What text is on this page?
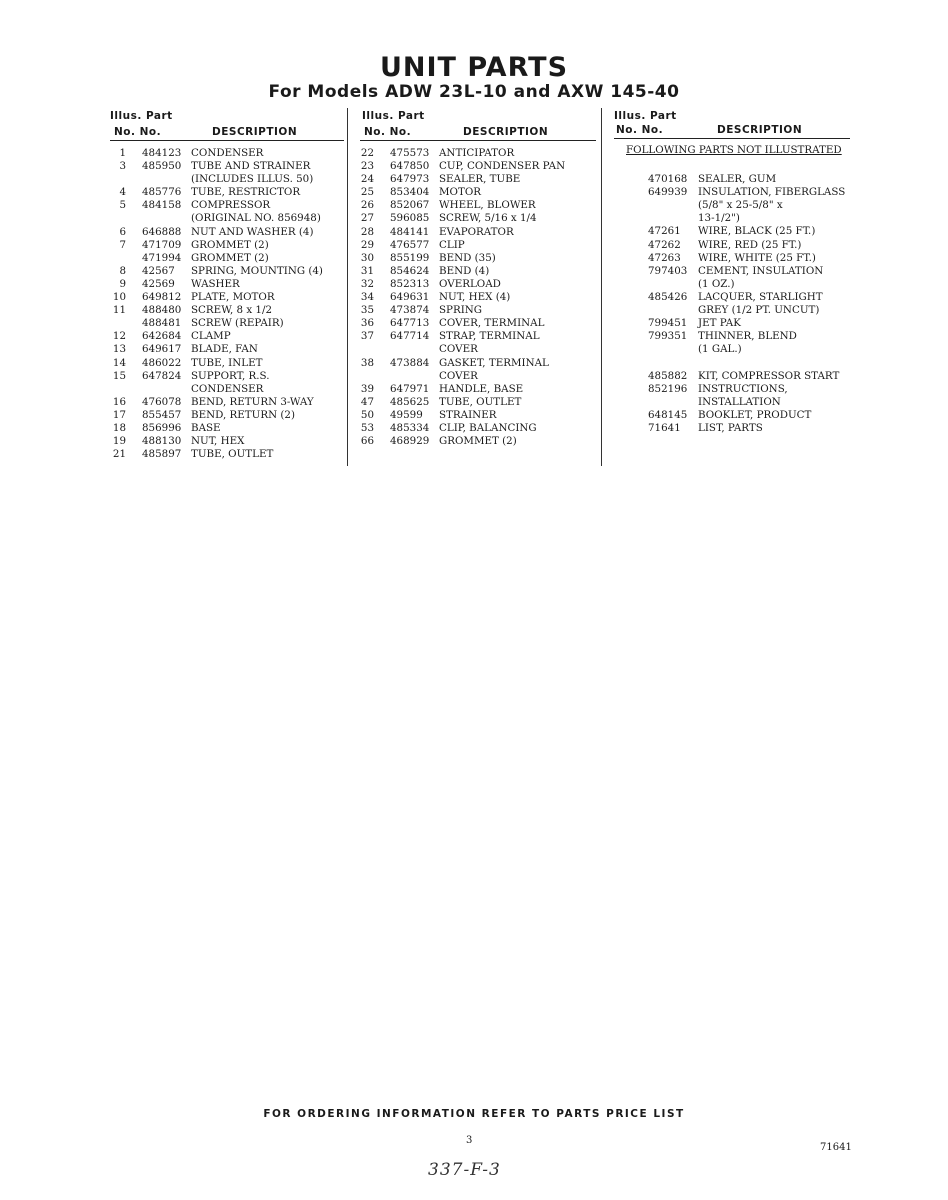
UNIT PARTS
For Models ADW 23L-10 and AXW 145-40
Illus. Part
No. No.	DESCRIPTION
1 484123 CONDENSER
3 485950 TUBE AND STRAINER
(INCLUDES ILLUS. 50)
4 485776 TUBE, RESTRICTOR
5 484158 COMPRESSOR
(ORIGINAL NO. 856948)
6 646888 NUT AND WASHER (4)
7 471709 GROMMET (2)
471994 GROMMET (2)
8 42567 SPRING, MOUNTING (4)
9 42569 WASHER
10 649812 PLATE, MOTOR
11 488480 SCREW, 8 x 1/2
488481 SCREW (REPAIR)
12 642684 CLAMP
13 649617 BLADE, FAN
14 486022 TUBE, INLET
15 647824 SUPPORT, R.S.
CONDENSER
16 476078 BEND, RETURN 3-WAY
17 855457 BEND, RETURN (2)
18 856996 BASE
19 488130 NUT, HEX
21 485897 TUBE, OUTLET
Illus. Part
No. No.	DESCRIPTION
22 475573 ANTICIPATOR
23 647850 CUP, CONDENSER PAN
24 647973 SEALER, TUBE
25 853404 MOTOR
26 852067 WHEEL, BLOWER
27 596085 SCREW, 5/16 x 1/4
28 484141 EVAPORATOR
29 476577 CLIP
30 855199 BEND (35)
31 854624 BEND (4)
32 852313 OVERLOAD
34 649631 NUT, HEX (4)
35 473874 SPRING
36 647713 COVER, TERMINAL
37 647714 STRAP, TERMINAL
COVER
38 473884 GASKET, TERMINAL
COVER
39 647971 HANDLE, BASE
47 485625 TUBE, OUTLET
50 49599 STRAINER
53 485334 CLIP, BALANCING
66 468929 GROMMET (2)
Illus. Part
No. No.	DESCRIPTION
FOLLOWING PARTS NOT ILLUSTRATED
470168 SEALER, GUM
649939 INSULATION, FIBERGLASS
(5/8" x 25-5/8" x
13-1/2")
47261 WIRE, BLACK (25 FT.)
47262 WIRE, RED (25 FT.)
47263 WIRE, WHITE (25 FT.)
797403 CEMENT, INSULATION
(1 OZ.)
485426 LACQUER, STARLIGHT
GREY (1/2 PT. UNCUT)
799451 JET PAK
799351 THINNER, BLEND
(1 GAL.)
485882 KIT, COMPRESSOR START
852196 INSTRUCTIONS,
INSTALLATION
648145 BOOKLET, PRODUCT
71641 LIST, PARTS
FOR ORDERING INFORMATION REFER TO PARTS PRICE LIST
3
71641
337-F-3
